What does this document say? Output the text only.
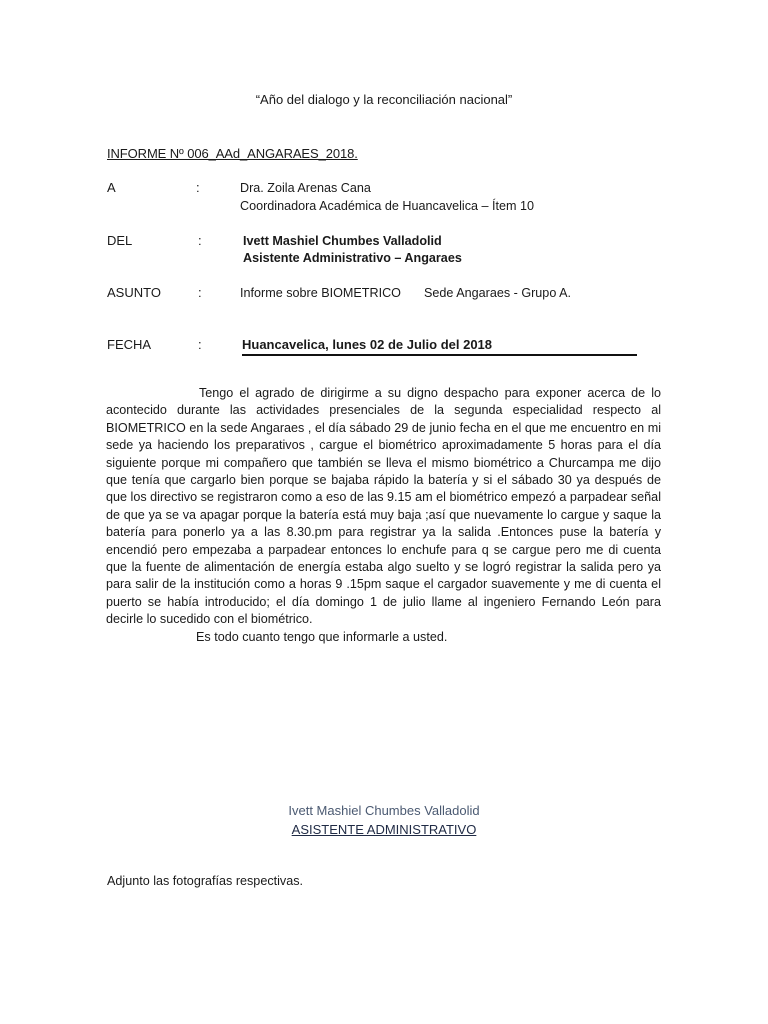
“Año del dialogo y la reconciliación nacional”
INFORME Nº 006_AAd_ANGARAES_2018.
A	:	Dra. Zoila Arenas Cana
Coordinadora Académica de Huancavelica – Ítem 10
DEL	:	Ivett Mashiel Chumbes Valladolid
Asistente Administrativo – Angaraes
ASUNTO	:	Informe sobre BIOMETRICO Sede Angaraes - Grupo A.
FECHA	:	Huancavelica, lunes 02 de Julio del 2018

Tengo el agrado de dirigirme a su digno despacho para exponer acerca de lo acontecido durante las actividades presenciales de la segunda especialidad respecto al BIOMETRICO en la sede Angaraes , el día sábado 29 de junio fecha en el que me encuentro en mi sede ya haciendo los preparativos , cargue el biométrico aproximadamente 5 horas para el día siguiente porque mi compañero que también se lleva el mismo biométrico a Churcampa me dijo que tenía que cargarlo bien porque se bajaba rápido la batería y si el sábado 30 ya después de que los directivo se registraron como a eso de las 9.15 am el biométrico empezó a parpadear señal de que ya se va apagar porque la batería está muy baja ;así que nuevamente lo cargue y saque la batería para ponerlo ya a las 8.30.pm para registrar ya la salida .Entonces puse la batería y encendió pero empezaba a parpadear entonces lo enchufe para q se cargue pero me di cuenta que la fuente de alimentación de energía estaba algo suelto y se logró registrar la salida pero ya para salir de la institución como a horas 9 .15pm saque el cargador suavemente y me di cuenta el puerto se había introducido; el día domingo 1 de julio llame al ingeniero Fernando León para decirle lo sucedido con el biométrico.

Es todo cuanto tengo que informarle a usted.
Ivett Mashiel Chumbes Valladolid
ASISTENTE ADMINISTRATIVO
Adjunto las fotografías respectivas.
